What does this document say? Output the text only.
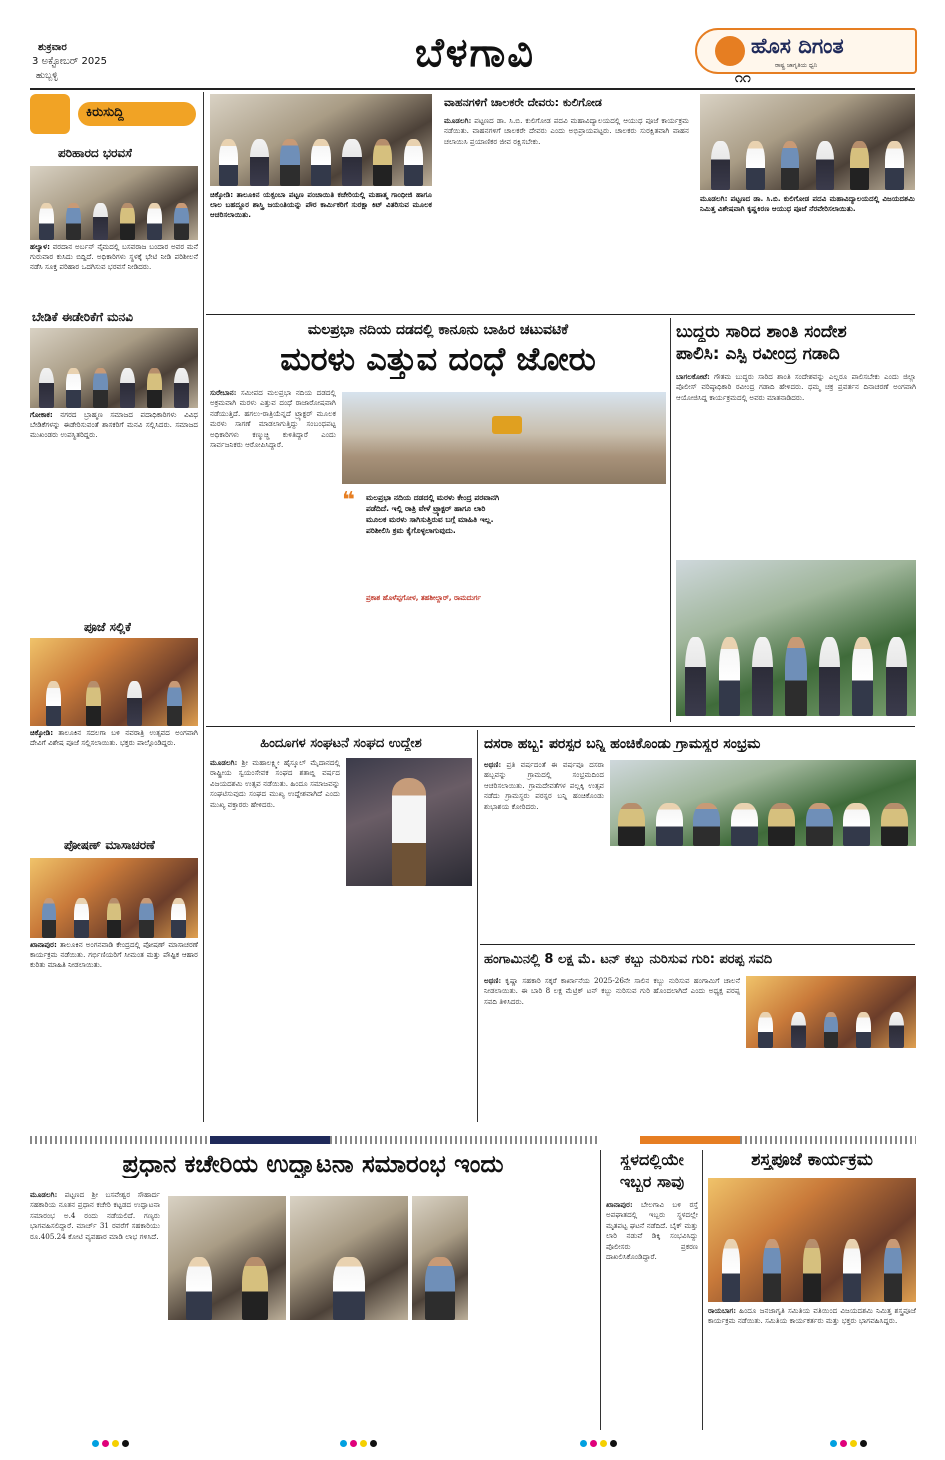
ಶುಕ್ರವಾರ
3 ಅಕ್ಟೋಬರ್ 2025
ಹುಬ್ಬಳ್ಳಿ	ಬೆಳಗಾವಿ	ಹೊಸ ದಿಗಂತ
ರಾಷ್ಟ್ರ ಜಾಗೃತಿಯ ಧ್ವನಿ
೧೧
ಕಿರುಸುದ್ದಿ
ಪರಿಹಾರದ ಭರವಸೆ
ಹಲ್ಯಾಳ: ವರದಾನ ಅರ್ಬನ್ ನೈಮದಲ್ಲಿ ಬಸವರಾಜ ಬಂದಾರ ಅವರ ಮನೆ ಗುರುವಾರ ಕುಸಿದು ಬಿದ್ದಿದೆ. ಅಧಿಕಾರಿಗಳು ಸ್ಥಳಕ್ಕೆ ಭೇಟಿ ನೀಡಿ ಪರಿಶೀಲನೆ ನಡೆಸಿ ಸೂಕ್ತ ಪರಿಹಾರ ಒದಗಿಸುವ ಭರವಸೆ ನೀಡಿದರು.
ಬೇಡಿಕೆ ಈಡೇರಿಕೆಗೆ ಮನವಿ
ಗೋಕಾಕ: ನಗರದ ಬ್ರಾಹ್ಮಣ ಸಮಾಜದ ಪದಾಧಿಕಾರಿಗಳು ವಿವಿಧ ಬೇಡಿಕೆಗಳನ್ನು ಈಡೇರಿಸುವಂತೆ ಶಾಸಕರಿಗೆ ಮನವಿ ಸಲ್ಲಿಸಿದರು. ಸಮಾಜದ ಮುಖಂಡರು ಉಪಸ್ಥಿತರಿದ್ದರು.
ಪೂಜೆ ಸಲ್ಲಿಕೆ
ಚಿಕ್ಕೋಡಿ: ತಾಲೂಕಿನ ಸದಲಗಾ ಬಳಿ ನವರಾತ್ರಿ ಉತ್ಸವದ ಅಂಗವಾಗಿ ದೇವಿಗೆ ವಿಶೇಷ ಪೂಜೆ ಸಲ್ಲಿಸಲಾಯಿತು. ಭಕ್ತರು ಪಾಲ್ಗೊಂಡಿದ್ದರು.
ಪೋಷಣ್ ಮಾಸಾಚರಣೆ
ಖಾನಾಪುರ: ತಾಲೂಕಿನ ಅಂಗನವಾಡಿ ಕೇಂದ್ರದಲ್ಲಿ ಪೋಷಣ್ ಮಾಸಾಚರಣೆ ಕಾರ್ಯಕ್ರಮ ನಡೆಯಿತು. ಗರ್ಭಿಣಿಯರಿಗೆ ಸೀಮಂತ ಮತ್ತು ಪೌಷ್ಟಿಕ ಆಹಾರ ಕುರಿತು ಮಾಹಿತಿ ನೀಡಲಾಯಿತು.
ಚಿಕ್ಕೋಡಿ: ತಾಲೂಕಿನ ಯಕ್ಸಂಬಾ ಪಟ್ಟಣ ಪಂಚಾಯಿತಿ ಕಚೇರಿಯಲ್ಲಿ ಮಹಾತ್ಮ ಗಾಂಧೀಜಿ ಹಾಗೂ ಲಾಲ ಬಹದ್ದೂರ ಶಾಸ್ತ್ರಿ ಜಯಂತಿಯನ್ನು ಪೌರ ಕಾರ್ಮಿಕರಿಗೆ ಸುರಕ್ಷಾ ಕಿಟ್ ವಿತರಿಸುವ ಮೂಲಕ ಆಚರಿಸಲಾಯಿತು.
ವಾಹನಗಳಿಗೆ ಚಾಲಕರೇ ದೇವರು: ಕುಲಿಗೋಡ
ಮೂಡಲಗಿ: ಪಟ್ಟಣದ ಡಾ. ಸಿ.ಬಿ. ಕುಲಿಗೋಡ ಪದವಿ ಮಹಾವಿದ್ಯಾಲಯದಲ್ಲಿ ಆಯುಧ ಪೂಜೆ ಕಾರ್ಯಕ್ರಮ ನಡೆಯಿತು. ವಾಹನಗಳಿಗೆ ಚಾಲಕರೇ ದೇವರು ಎಂದು ಅಭಿಪ್ರಾಯಪಟ್ಟರು. ಚಾಲಕರು ಸುರಕ್ಷಿತವಾಗಿ ವಾಹನ ಚಲಾಯಿಸಿ ಪ್ರಯಾಣಿಕರ ಜೀವ ರಕ್ಷಿಸಬೇಕು.
ಮೂಡಲಗಿ: ಪಟ್ಟಣದ ಡಾ. ಸಿ.ಬಿ. ಕುಲಿಗೋಡ ಪದವಿ ಮಹಾವಿದ್ಯಾಲಯದಲ್ಲಿ ವಿಜಯದಶಮಿ ನಿಮಿತ್ತ ವಿಶೇಷವಾಗಿ ಕೃಷ್ಣಕಿರಣ ಆಯುಧ ಪೂಜೆ ನೆರವೇರಿಸಲಾಯಿತು.
ಮಲಪ್ರಭಾ ನದಿಯ ದಡದಲ್ಲಿ ಕಾನೂನು ಬಾಹಿರ ಚಟುವಟಿಕೆ
ಮರಳು ಎತ್ತುವ ದಂಧೆ ಜೋರು
ಸುರೇಬಾನ: ಸಮೀಪದ ಮಲಪ್ರಭಾ ನದಿಯ ದಡದಲ್ಲಿ ಅಕ್ರಮವಾಗಿ ಮರಳು ಎತ್ತುವ ದಂಧೆ ರಾಜಾರೋಷವಾಗಿ ನಡೆಯುತ್ತಿದೆ. ಹಗಲು-ರಾತ್ರಿಯೆನ್ನದೆ ಟ್ರ್ಯಾಕ್ಟರ್ ಮೂಲಕ ಮರಳು ಸಾಗಣೆ ಮಾಡಲಾಗುತ್ತಿದ್ದು ಸಂಬಂಧಪಟ್ಟ ಅಧಿಕಾರಿಗಳು ಕಣ್ಮುಚ್ಚಿ ಕುಳಿತಿದ್ದಾರೆ ಎಂದು ಸಾರ್ವಜನಿಕರು ಆರೋಪಿಸಿದ್ದಾರೆ.
❝ ಮಲಪ್ರಭಾ ನದಿಯ ದಡದಲ್ಲಿ ಮರಳು ಕೇಂದ್ರ ಪರವಾನಗಿ ಪಡೆದಿದೆ. ಇಲ್ಲಿ ರಾತ್ರಿ ವೇಳೆ ಟ್ರ್ಯಾಕ್ಟರ್ ಹಾಗೂ ಲಾರಿ ಮೂಲಕ ಮರಳು ಸಾಗಿಸುತ್ತಿರುವ ಬಗ್ಗೆ ಮಾಹಿತಿ ಇಲ್ಲ. ಪರಿಶೀಲಿಸಿ ಕ್ರಮ ಕೈಗೊಳ್ಳಲಾಗುವುದು.
ಪ್ರಕಾಶ ಹೊಳೆಪ್ಪಗೋಳ, ತಹಶೀಲ್ದಾರ್, ರಾಮದುರ್ಗ
ಬುದ್ಧರು ಸಾರಿದ ಶಾಂತಿ ಸಂದೇಶ
ಪಾಲಿಸಿ: ಎಸ್ಪಿ ರವೀಂದ್ರ ಗಡಾದಿ
ಬಾಗಲಕೋಟೆ: ಗೌತಮ ಬುದ್ಧರು ಸಾರಿದ ಶಾಂತಿ ಸಂದೇಶವನ್ನು ಎಲ್ಲರೂ ಪಾಲಿಸಬೇಕು ಎಂದು ಜಿಲ್ಲಾ ಪೊಲೀಸ್ ವರಿಷ್ಠಾಧಿಕಾರಿ ರವೀಂದ್ರ ಗಡಾದಿ ಹೇಳಿದರು. ಧಮ್ಮ ಚಕ್ರ ಪ್ರವರ್ತನ ದಿನಾಚರಣೆ ಅಂಗವಾಗಿ ಆಯೋಜಿಸಿದ್ದ ಕಾರ್ಯಕ್ರಮದಲ್ಲಿ ಅವರು ಮಾತನಾಡಿದರು.
ಹಿಂದೂಗಳ ಸಂಘಟನೆ ಸಂಘದ ಉದ್ದೇಶ
ಮೂಡಲಗಿ: ಶ್ರೀ ಮಹಾಲಕ್ಷ್ಮೀ ಹೈಸ್ಕೂಲ್ ಮೈದಾನದಲ್ಲಿ ರಾಷ್ಟ್ರೀಯ ಸ್ವಯಂಸೇವಕ ಸಂಘದ ಶತಾಬ್ದಿ ವರ್ಷದ ವಿಜಯದಶಮಿ ಉತ್ಸವ ನಡೆಯಿತು. ಹಿಂದೂ ಸಮಾಜವನ್ನು ಸಂಘಟಿಸುವುದು ಸಂಘದ ಮುಖ್ಯ ಉದ್ದೇಶವಾಗಿದೆ ಎಂದು ಮುಖ್ಯ ವಕ್ತಾರರು ಹೇಳಿದರು.
ದಸರಾ ಹಬ್ಬ: ಪರಸ್ಪರ ಬನ್ನಿ ಹಂಚಿಕೊಂಡು ಗ್ರಾಮಸ್ಥರ ಸಂಭ್ರಮ
ಅಥಣಿ: ಪ್ರತಿ ವರ್ಷದಂತೆ ಈ ವರ್ಷವೂ ದಸರಾ ಹಬ್ಬವನ್ನು ಗ್ರಾಮದಲ್ಲಿ ಸಂಭ್ರಮದಿಂದ ಆಚರಿಸಲಾಯಿತು. ಗ್ರಾಮದೇವತೆಗಳ ಪಲ್ಲಕ್ಕಿ ಉತ್ಸವ ನಡೆದು ಗ್ರಾಮಸ್ಥರು ಪರಸ್ಪರ ಬನ್ನಿ ಹಂಚಿಕೊಂಡು ಶುಭಾಶಯ ಕೋರಿದರು.
ಹಂಗಾಮಿನಲ್ಲಿ 8 ಲಕ್ಷ ಮೆ. ಟನ್ ಕಬ್ಬು ನುರಿಸುವ ಗುರಿ: ಪರಪ್ಪ ಸವದಿ
ಅಥಣಿ: ಕೃಷ್ಣಾ ಸಹಕಾರಿ ಸಕ್ಕರೆ ಕಾರ್ಖಾನೆಯ 2025-26ನೇ ಸಾಲಿನ ಕಬ್ಬು ನುರಿಸುವ ಹಂಗಾಮಿಗೆ ಚಾಲನೆ ನೀಡಲಾಯಿತು. ಈ ಬಾರಿ 8 ಲಕ್ಷ ಮೆಟ್ರಿಕ್ ಟನ್ ಕಬ್ಬು ನುರಿಸುವ ಗುರಿ ಹೊಂದಲಾಗಿದೆ ಎಂದು ಅಧ್ಯಕ್ಷ ಪರಪ್ಪ ಸವದಿ ತಿಳಿಸಿದರು.
ಪ್ರಧಾನ ಕಚೇರಿಯ ಉದ್ಘಾಟನಾ ಸಮಾರಂಭ ಇಂದು
ಮೂಡಲಗಿ: ಪಟ್ಟಣದ ಶ್ರೀ ಬಸವೇಶ್ವರ ಸೌಹಾರ್ದ ಸಹಕಾರಿಯ ನೂತನ ಪ್ರಧಾನ ಕಚೇರಿ ಕಟ್ಟಡದ ಉದ್ಘಾಟನಾ ಸಮಾರಂಭ ಅ.4 ರಂದು ನಡೆಯಲಿದೆ. ಗಣ್ಯರು ಭಾಗವಹಿಸಲಿದ್ದಾರೆ. ಮಾರ್ಚ್ 31 ರವರೆಗೆ ಸಹಕಾರಿಯು ರೂ.405.24 ಕೋಟಿ ವ್ಯವಹಾರ ಮಾಡಿ ಲಾಭ ಗಳಿಸಿದೆ.
ಸ್ಥಳದಲ್ಲಿಯೇ
ಇಬ್ಬರ ಸಾವು
ಖಾನಾಪುರ: ಬೇಲಗಾವಿ ಬಳಿ ರಸ್ತೆ ಅಪಘಾತದಲ್ಲಿ ಇಬ್ಬರು ಸ್ಥಳದಲ್ಲೇ ಮೃತಪಟ್ಟ ಘಟನೆ ನಡೆದಿದೆ. ಬೈಕ್ ಮತ್ತು ಲಾರಿ ನಡುವೆ ಡಿಕ್ಕಿ ಸಂಭವಿಸಿದ್ದು ಪೊಲೀಸರು ಪ್ರಕರಣ ದಾಖಲಿಸಿಕೊಂಡಿದ್ದಾರೆ.
ಶಸ್ತ್ರಪೂಜೆ ಕಾರ್ಯಕ್ರಮ
ರಾಯಬಾಗ: ಹಿಂದೂ ಜನಜಾಗೃತಿ ಸಮಿತಿಯ ವತಿಯಿಂದ ವಿಜಯದಶಮಿ ನಿಮಿತ್ತ ಶಸ್ತ್ರಪೂಜೆ ಕಾರ್ಯಕ್ರಮ ನಡೆಯಿತು. ಸಮಿತಿಯ ಕಾರ್ಯಕರ್ತರು ಮತ್ತು ಭಕ್ತರು ಭಾಗವಹಿಸಿದ್ದರು.
